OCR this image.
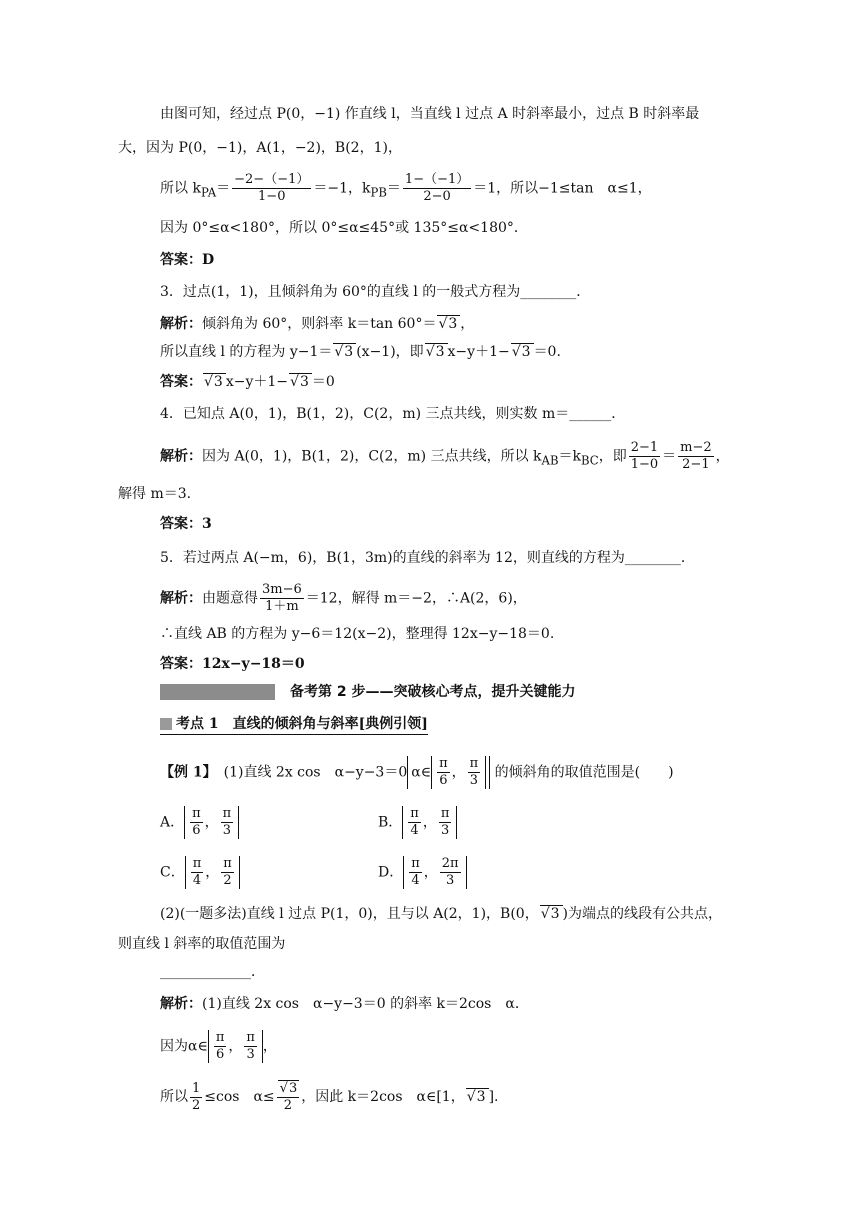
由图可知，经过点 P(0，−1) 作直线 l，当直线 l 过点 A 时斜率最小，过点 B 时斜率最
大，因为 P(0，−1)，A(1，−2)，B(2，1)，
所以 $k_{PA}= \frac{-2-(-1)}{1-0} =-1$，$k_{PB}= \frac{1-(-1)}{2-0} =1$，所以−1≤tan　α≤1，
因为 0°≤α<180°，所以 0°≤α≤45°或 135°≤α<180°．
答案：D
3．过点(1，1)，且倾斜角为 60°的直线 l 的一般式方程为________．
解析：倾斜角为 60°，则斜率 k＝tan 60°＝ √ 3 ，
所以直线 l 的方程为 y−1＝ √ 3 (x−1)，即 √ 3 x−y＋1− √ 3 ＝0.
答案： √ 3 x−y＋1− √ 3 ＝0
4．已知点 A(0，1)，B(1，2)，C(2，m) 三点共线，则实数 m＝______．
解析：因为 A(0，1)，B(1，2)，C(2，m) 三点共线，所以 $k_{AB}=k_{BC}$，即 $\frac{2-1}{1-0} = \frac{m-2}{2-1}$ ，
解得 m＝3.
答案：3
5．若过两点 A(−m，6)，B(1，3m)的直线的斜率为 12，则直线的方程为________．
解析：由题意得 $\frac{3m-6}{1+m} =12$，解得 m＝−2，∴A(2，6)，
∴直线 AB 的方程为 y−6＝12(x−2)，整理得 12x−y−18＝0.
答案：12x−y−18＝0
备考第 2 步——突破核心考点，提升关键能力
考点 1　直线的倾斜角与斜率[典例引领]
【例 1】　 (1)直线 2x cos　α−y−3＝0 α∈ $\frac{\pi}{6}$ ， $\frac{\pi}{3}$ 的倾斜角的取值范围是(　　)
A． $\frac{\pi}{6}$ ， $\frac{\pi}{3}$	B． $\frac{\pi}{4}$ ， $\frac{\pi}{3}$
C． $\frac{\pi}{4}$ ， $\frac{\pi}{2}$	D． $\frac{\pi}{4}$ ， $\frac{2\pi}{3}$
(2)(一题多法)直线 l 过点 P(1，0)，且与以 A(2，1)，B(0， √ 3 )为端点的线段有公共点，
则直线 l 斜率的取值范围为
_____________．
解析：(1)直线 2x cos　α−y−3＝0 的斜率 k＝2cos　α．
因为α∈ $\frac{\pi}{6}$ ， $\frac{\pi}{3}$ ，
所以 $\frac{1}{2} \le\cos$　α≤ √ $\frac{3}{2}$ ，因此 k＝2cos　α∈[1， √ 3 ].
